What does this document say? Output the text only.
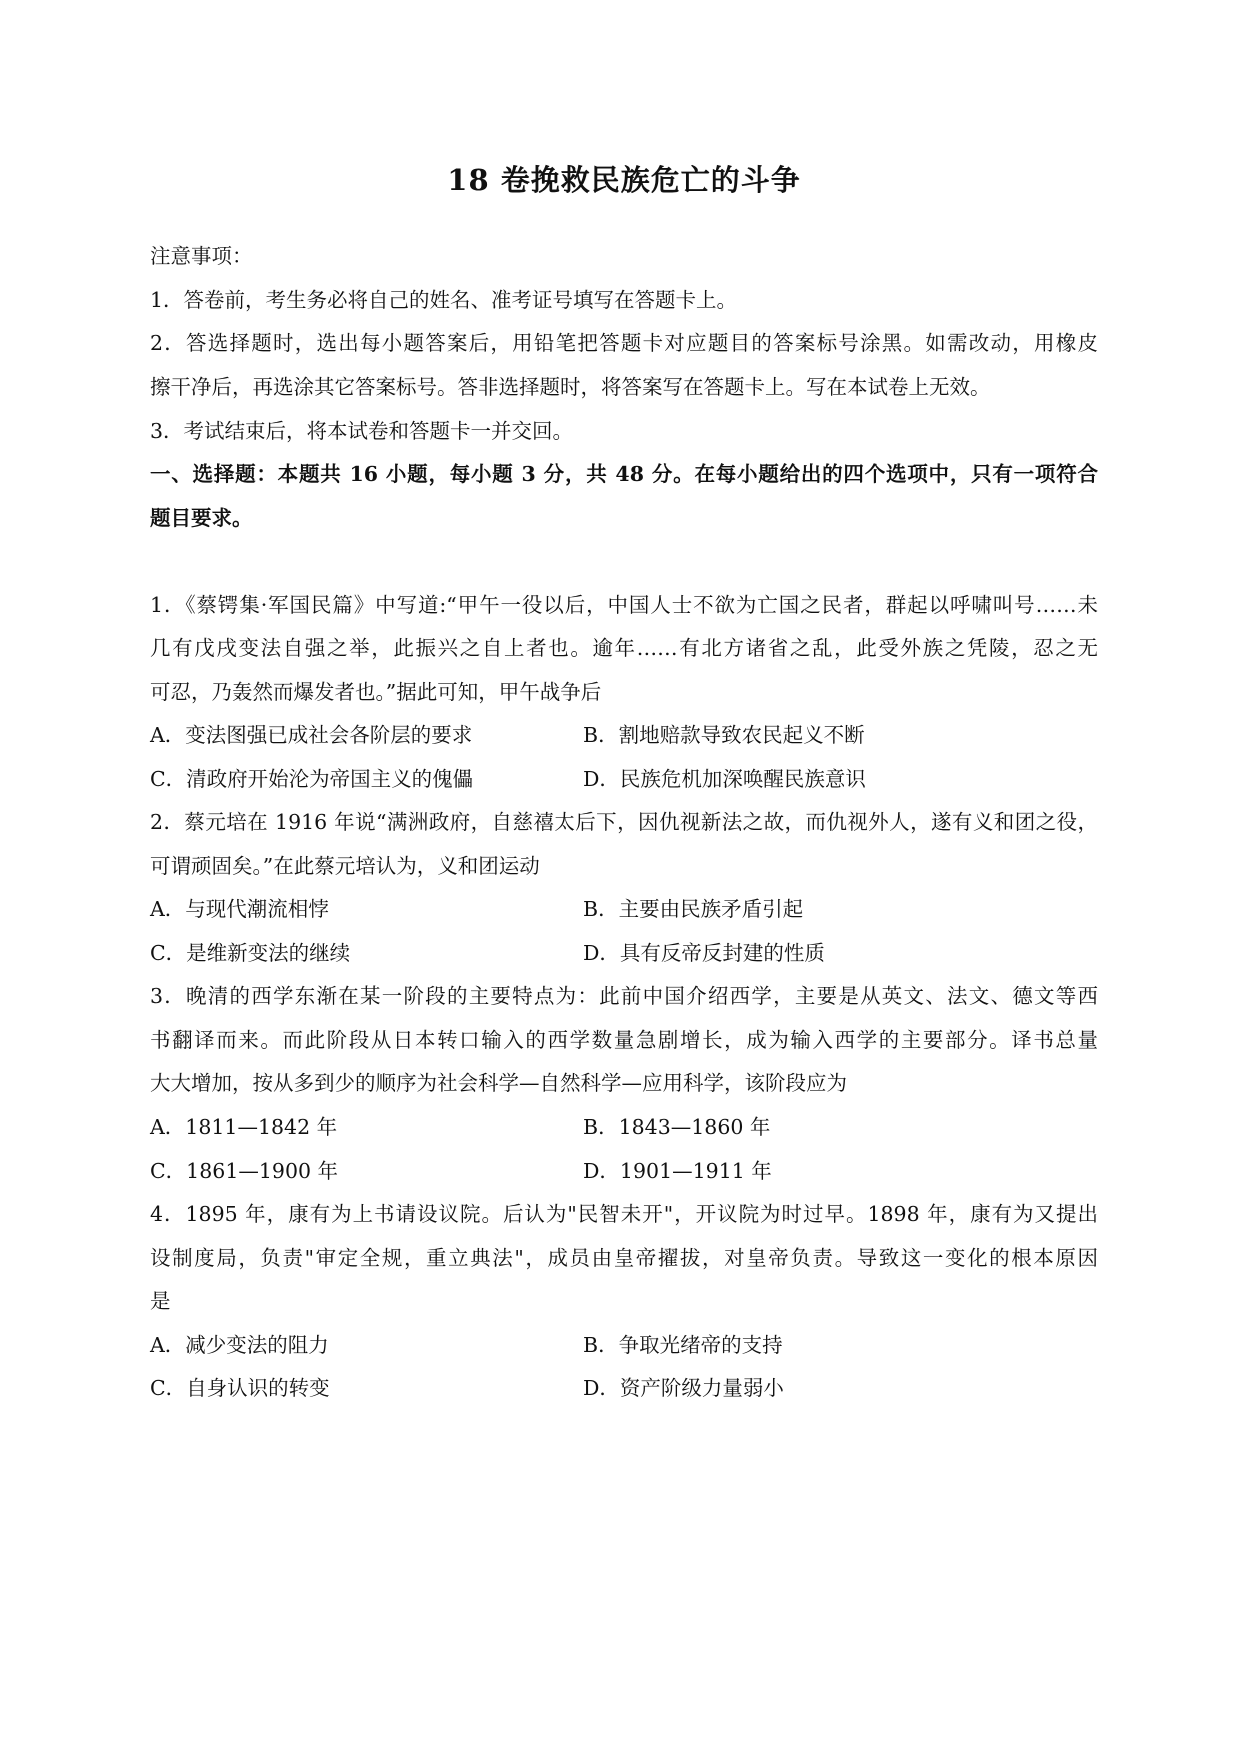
18 卷挽救民族危亡的斗争
注意事项：
1．答卷前，考生务必将自己的姓名、准考证号填写在答题卡上。
2．答选择题时，选出每小题答案后，用铅笔把答题卡对应题目的答案标号涂黑。如需改动，用橡皮
擦干净后，再选涂其它答案标号。答非选择题时，将答案写在答题卡上。写在本试卷上无效。
3．考试结束后，将本试卷和答题卡一并交回。
一、选择题：本题共 16 小题，每小题 3 分，共 48 分。在每小题给出的四个选项中，只有一项符合
题目要求。
1．《蔡锷集·军国民篇》中写道:“甲午一役以后，中国人士不欲为亡国之民者，群起以呼啸叫号……未
几有戊戌变法自强之举，此振兴之自上者也。逾年……有北方诸省之乱，此受外族之凭陵，忍之无
可忍，乃轰然而爆发者也。”据此可知，甲午战争后
A．变法图强已成社会各阶层的要求	B．割地赔款导致农民起义不断
C．清政府开始沦为帝国主义的傀儡	D．民族危机加深唤醒民族意识
2．蔡元培在 1916 年说“满洲政府，自慈禧太后下，因仇视新法之故，而仇视外人，遂有义和团之役，
可谓顽固矣。”在此蔡元培认为，义和团运动
A．与现代潮流相悖	B．主要由民族矛盾引起
C．是维新变法的继续	D．具有反帝反封建的性质
3．晚清的西学东渐在某一阶段的主要特点为：此前中国介绍西学，主要是从英文、法文、德文等西
书翻译而来。而此阶段从日本转口输入的西学数量急剧增长，成为输入西学的主要部分。译书总量
大大增加，按从多到少的顺序为社会科学—自然科学—应用科学，该阶段应为
A．1811—1842 年	B．1843—1860 年
C．1861—1900 年	D．1901—1911 年
4．1895 年，康有为上书请设议院。后认为"民智未开"，开议院为时过早。1898 年，康有为又提出
设制度局，负责"审定全规，重立典法"，成员由皇帝擢拔，对皇帝负责。导致这一变化的根本原因
是
A．减少变法的阻力	B．争取光绪帝的支持
C．自身认识的转变	D．资产阶级力量弱小
